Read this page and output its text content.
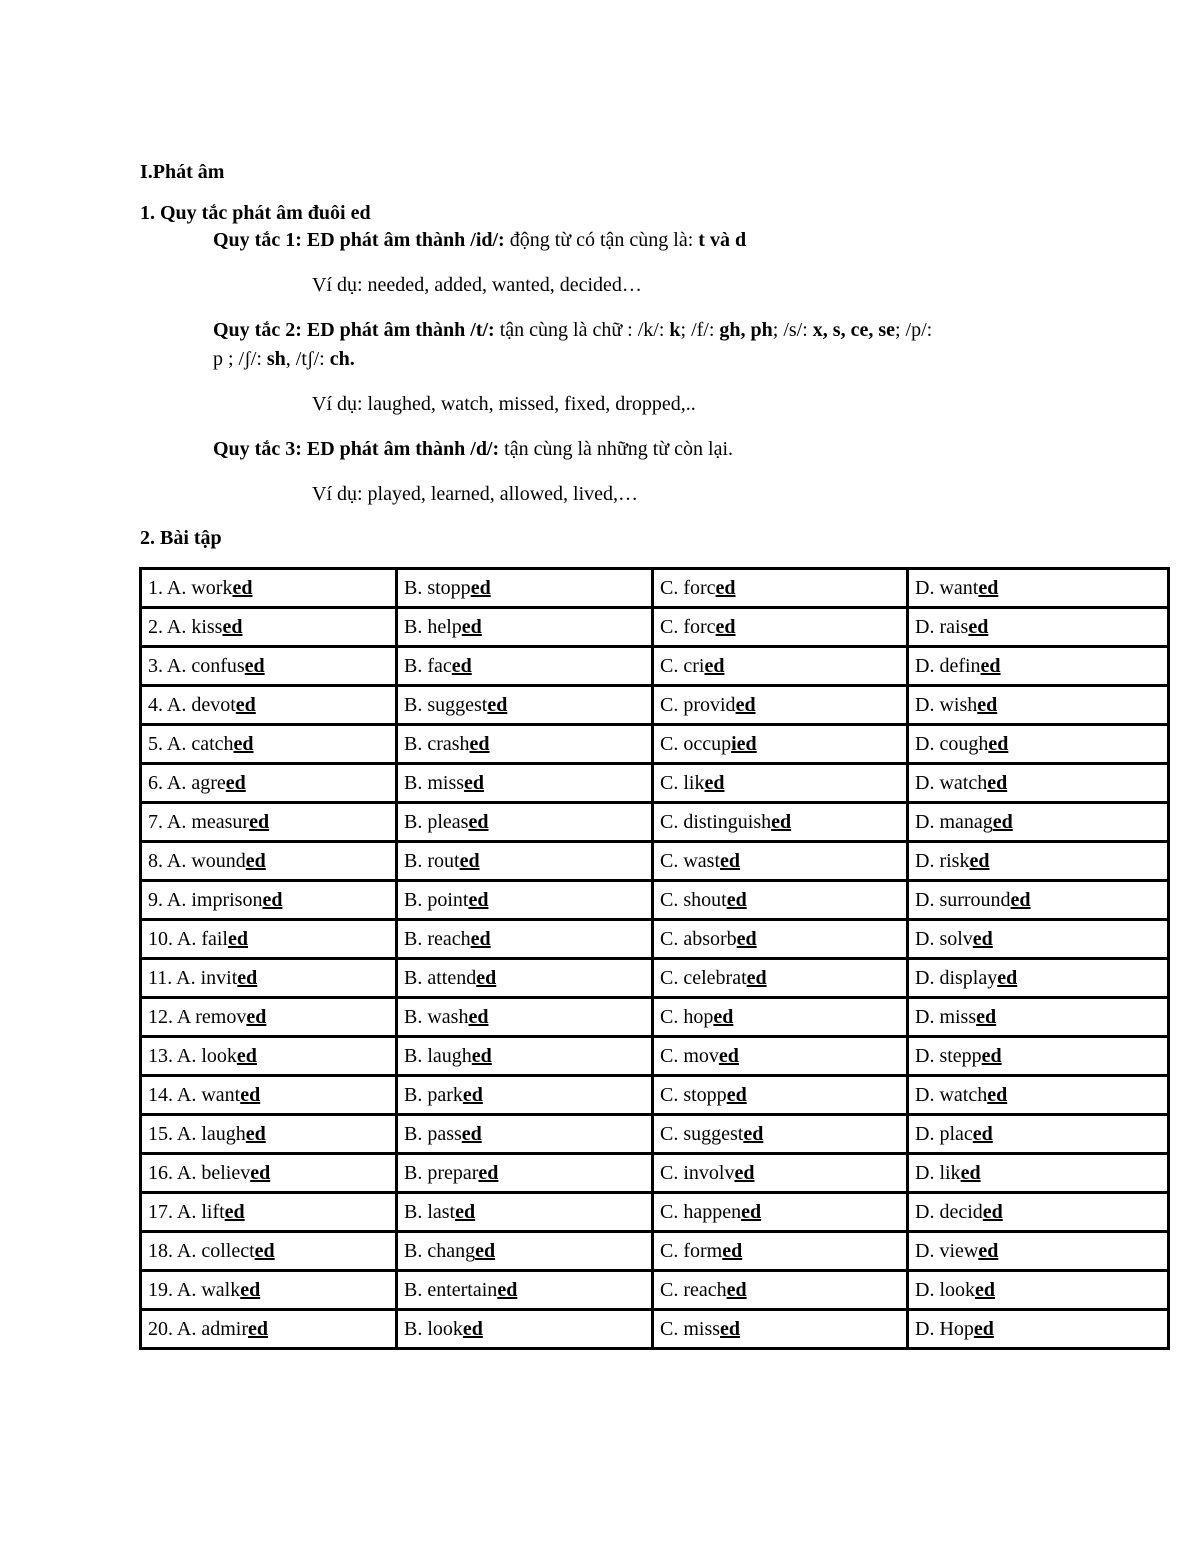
I.Phát âm
1. Quy tắc phát âm đuôi ed
Quy tắc 1: ED phát âm thành /id/: động từ có tận cùng là: t và d
Ví dụ: needed, added, wanted, decided…
Quy tắc 2: ED phát âm thành /t/: tận cùng là chữ : /k/: k; /f/: gh, ph; /s/: x, s, ce, se; /p/:
p ; /ʃ/: sh, /tʃ/: ch.
Ví dụ: laughed, watch, missed, fixed, dropped,..
Quy tắc 3: ED phát âm thành /d/: tận cùng là những từ còn lại.
Ví dụ: played, learned, allowed, lived,…
2. Bài tập
1. A. worked	B. stopped	C. forced	D. wanted
2. A. kissed	B. helped	C. forced	D. raised
3. A. confused	B. faced	C. cried	D. defined
4. A. devoted	B. suggested	C. provided	D. wished
5. A. catched	B. crashed	C. occupied	D. coughed
6. A. agreed	B. missed	C. liked	D. watched
7. A. measured	B. pleased	C. distinguished	D. managed
8. A. wounded	B. routed	C. wasted	D. risked
9. A. imprisoned	B. pointed	C. shouted	D. surrounded
10. A. failed	B. reached	C. absorbed	D. solved
11. A. invited	B. attended	C. celebrated	D. displayed
12. A removed	B. washed	C. hoped	D. missed
13. A. looked	B. laughed	C. moved	D. stepped
14. A. wanted	B. parked	C. stopped	D. watched
15. A. laughed	B. passed	C. suggested	D. placed
16. A. believed	B. prepared	C. involved	D. liked
17. A. lifted	B. lasted	C. happened	D. decided
18. A. collected	B. changed	C. formed	D. viewed
19. A. walked	B. entertained	C. reached	D. looked
20. A. admired	B. looked	C. missed	D. Hoped
